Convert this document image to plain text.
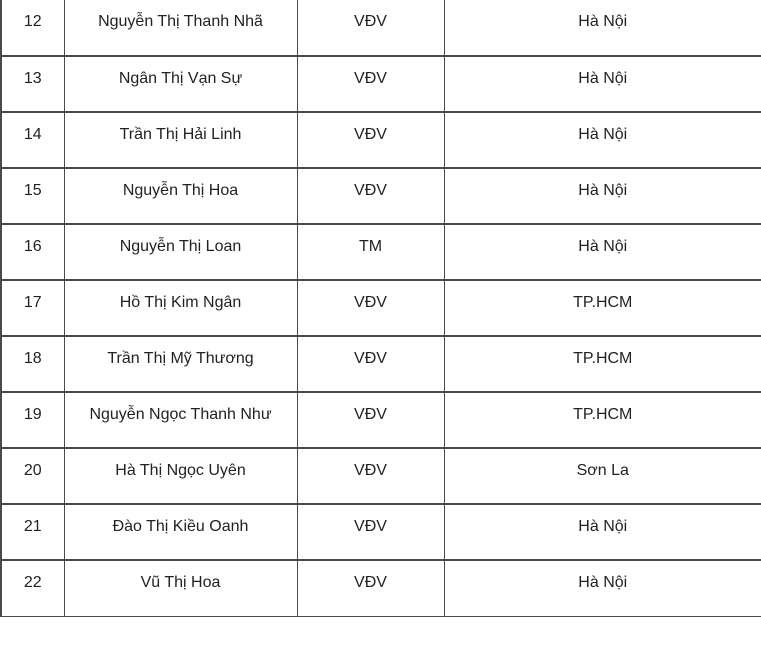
12	Nguyễn Thị Thanh Nhã	VĐV	Hà Nội

13	Ngân Thị Vạn Sự	VĐV	Hà Nội

14	Trần Thị Hải Linh	VĐV	Hà Nội

15	Nguyễn Thị Hoa	VĐV	Hà Nội

16	Nguyễn Thị Loan	TM	Hà Nội

17	Hồ Thị Kim Ngân	VĐV	TP.HCM

18	Trần Thị Mỹ Thương	VĐV	TP.HCM

19	Nguyễn Ngọc Thanh Như	VĐV	TP.HCM

20	Hà Thị Ngọc Uyên	VĐV	Sơn La

21	Đào Thị Kiều Oanh	VĐV	Hà Nội

22	Vũ Thị Hoa	VĐV	Hà Nội
